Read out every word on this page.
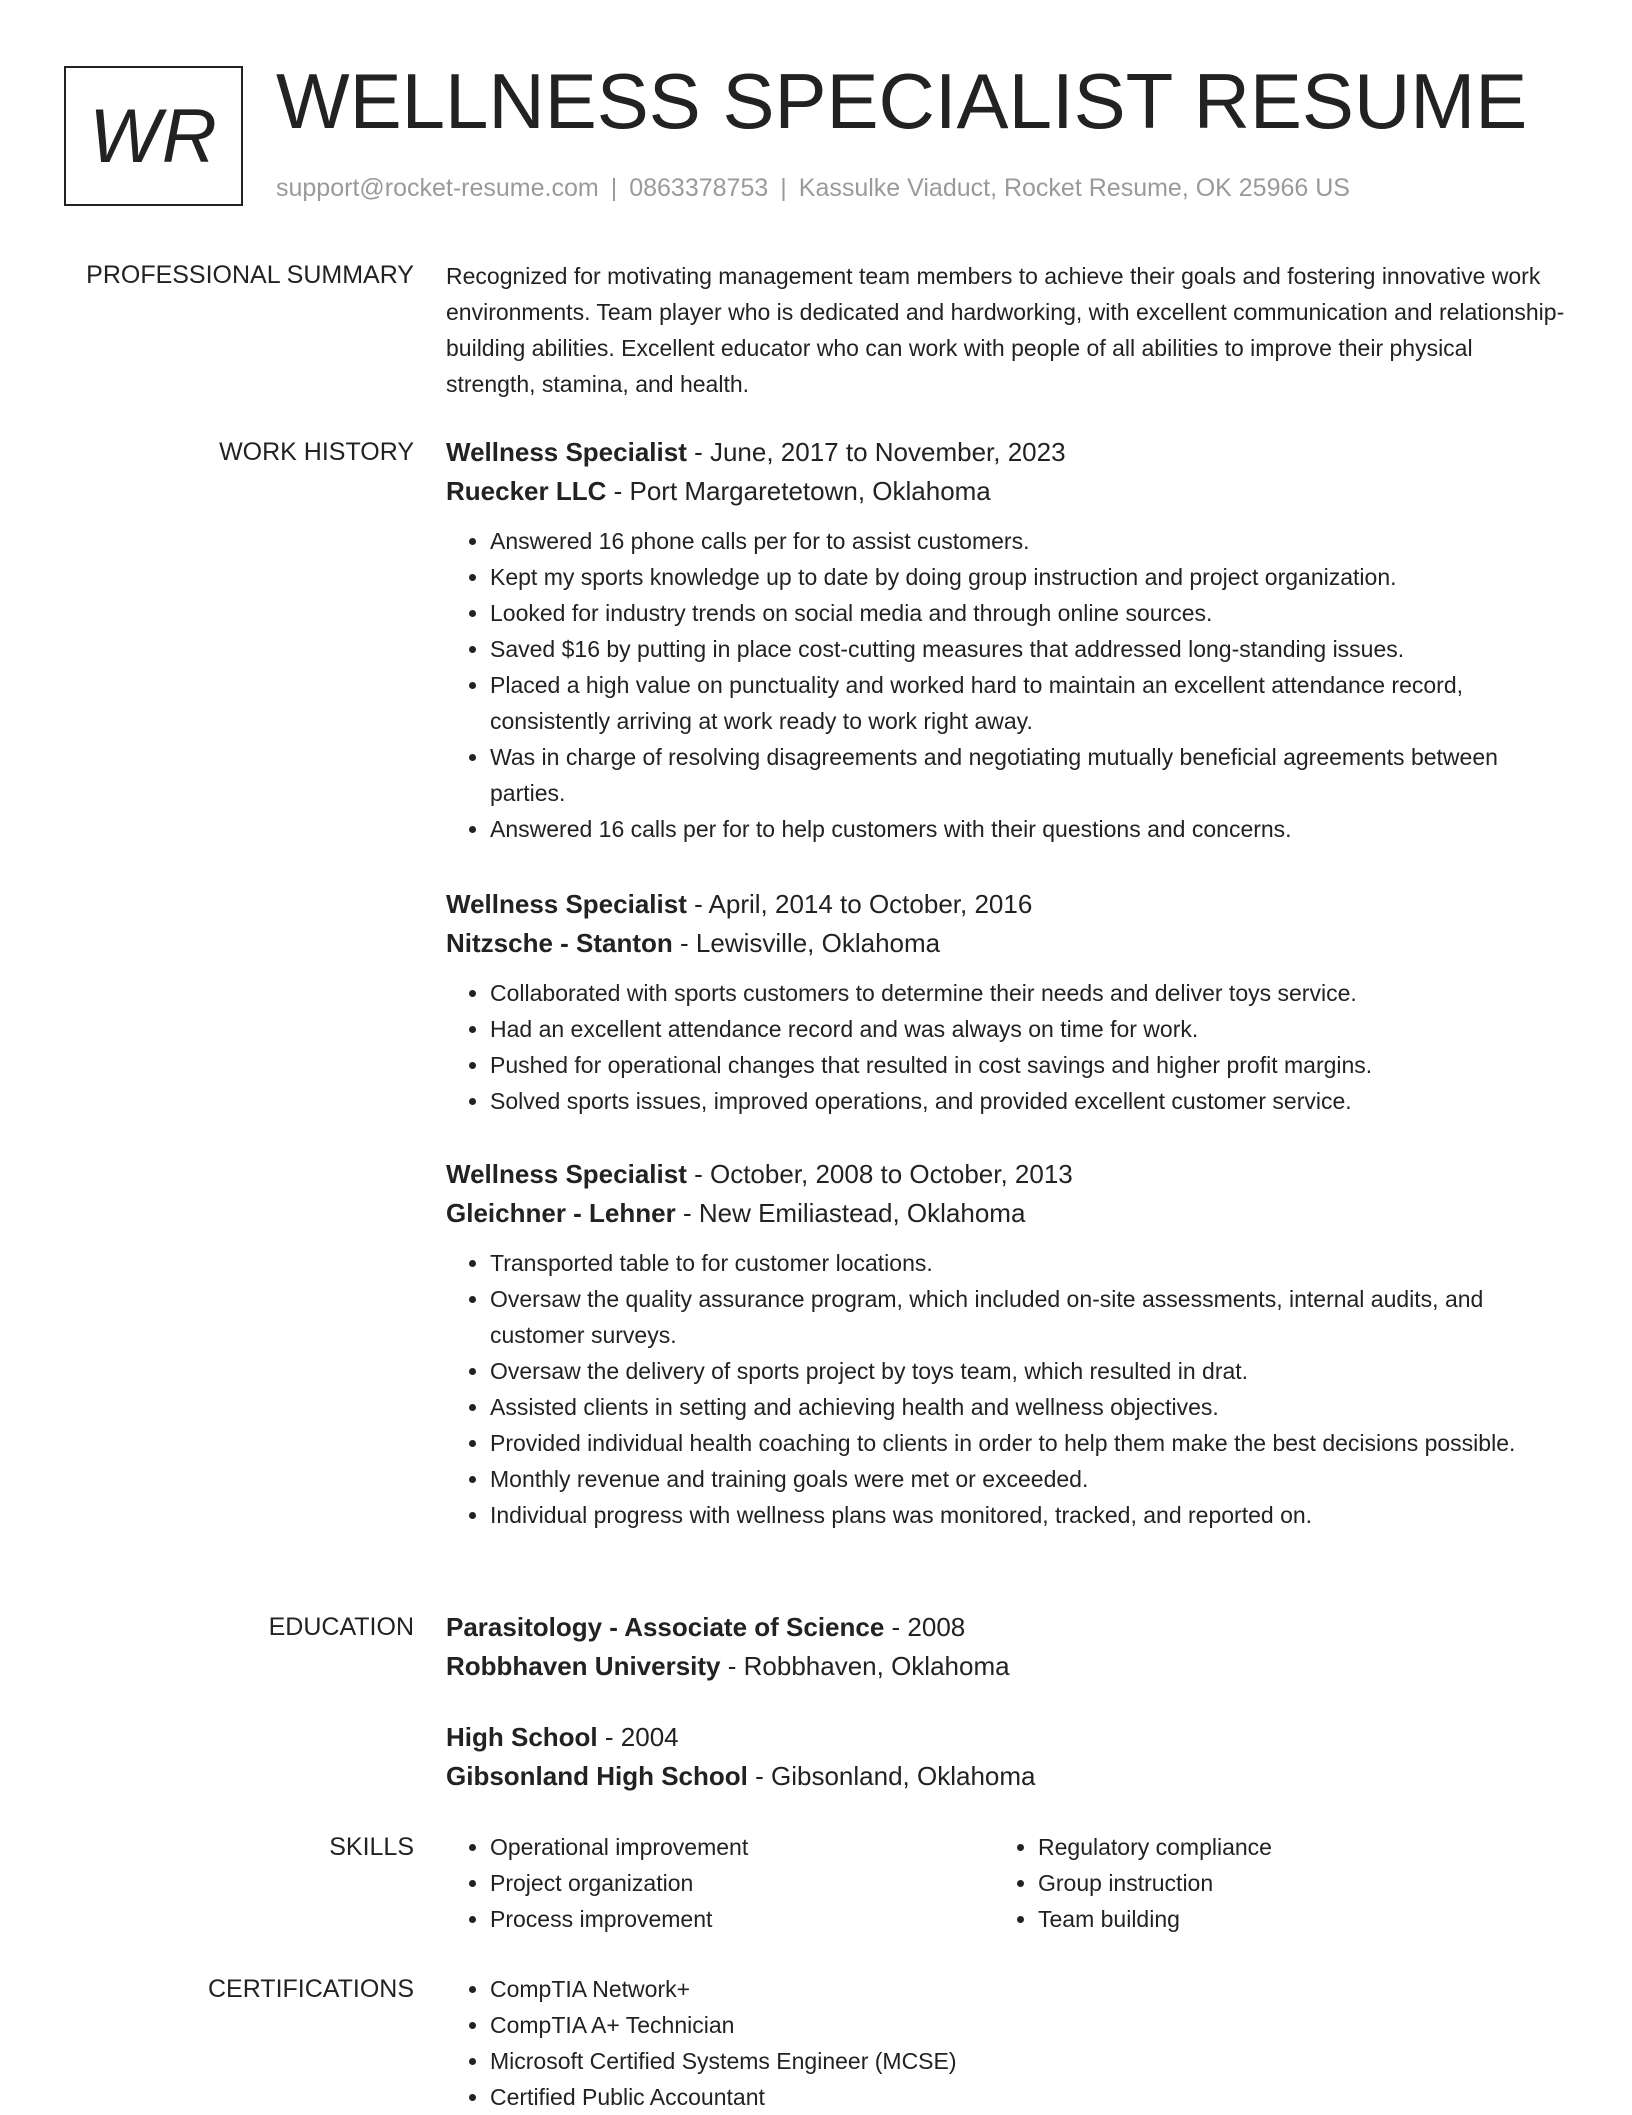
WR WELLNESS SPECIALIST RESUME
support@rocket-resume.com | 0863378753 | Kassulke Viaduct, Rocket Resume, OK 25966 US
PROFESSIONAL SUMMARY Recognized for motivating management team members to achieve their goals and fostering innovative work environments. Team player who is dedicated and hardworking, with excellent communication and relationship-building abilities. Excellent educator who can work with people of all abilities to improve their physical strength, stamina, and health.

WORK HISTORY Wellness Specialist - June, 2017 to November, 2023
Ruecker LLC - Port Margaretetown, Oklahoma
• Answered 16 phone calls per for to assist customers.
• Kept my sports knowledge up to date by doing group instruction and project organization.
• Looked for industry trends on social media and through online sources.
• Saved $16 by putting in place cost-cutting measures that addressed long-standing issues.
• Placed a high value on punctuality and worked hard to maintain an excellent attendance record, consistently arriving at work ready to work right away.
• Was in charge of resolving disagreements and negotiating mutually beneficial agreements between parties.
• Answered 16 calls per for to help customers with their questions and concerns.
Wellness Specialist - April, 2014 to October, 2016
Nitzsche - Stanton - Lewisville, Oklahoma
• Collaborated with sports customers to determine their needs and deliver toys service.
• Had an excellent attendance record and was always on time for work.
• Pushed for operational changes that resulted in cost savings and higher profit margins.
• Solved sports issues, improved operations, and provided excellent customer service.
Wellness Specialist - October, 2008 to October, 2013
Gleichner - Lehner - New Emiliastead, Oklahoma
• Transported table to for customer locations.
• Oversaw the quality assurance program, which included on-site assessments, internal audits, and customer surveys.
• Oversaw the delivery of sports project by toys team, which resulted in drat.
• Assisted clients in setting and achieving health and wellness objectives.
• Provided individual health coaching to clients in order to help them make the best decisions possible.
• Monthly revenue and training goals were met or exceeded.
• Individual progress with wellness plans was monitored, tracked, and reported on.
EDUCATION Parasitology - Associate of Science - 2008
Robbhaven University - Robbhaven, Oklahoma
High School - 2004
Gibsonland High School - Gibsonland, Oklahoma
SKILLS	• Operational improvement
• Project organization
• Process improvement
• Regulatory compliance
• Group instruction
• Team building
CERTIFICATIONS	• CompTIA Network+
• CompTIA A+ Technician
• Microsoft Certified Systems Engineer (MCSE)
• Certified Public Accountant
